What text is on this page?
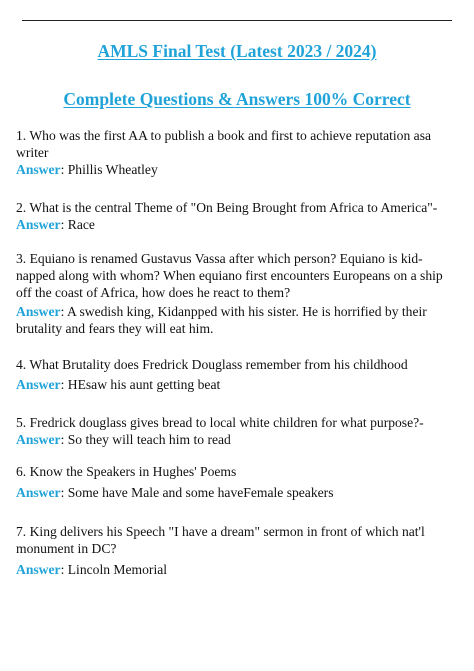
AMLS Final Test (Latest 2023 / 2024)
Complete Questions & Answers 100% Correct
1. Who was the first AA to publish a book and first to achieve reputation asa
writer
Answer: Phillis Wheatley
2. What is the central Theme of "On Being Brought from Africa to America"-
Answer: Race
3. Equiano is renamed Gustavus Vassa after which person? Equiano is kid-
napped along with whom? When equiano first encounters Europeans on a ship
off the coast of Africa, how does he react to them?
Answer: A swedish king, Kidanpped with his sister. He is horrified by their
brutality and fears they will eat him.
4. What Brutality does Fredrick Douglass remember from his childhood
Answer: HEsaw his aunt getting beat
5. Fredrick douglass gives bread to local white children for what purpose?-
Answer: So they will teach him to read
6. Know the Speakers in Hughes' Poems
Answer: Some have Male and some haveFemale speakers
7. King delivers his Speech "I have a dream" sermon in front of which nat'l
monument in DC?
Answer: Lincoln Memorial
